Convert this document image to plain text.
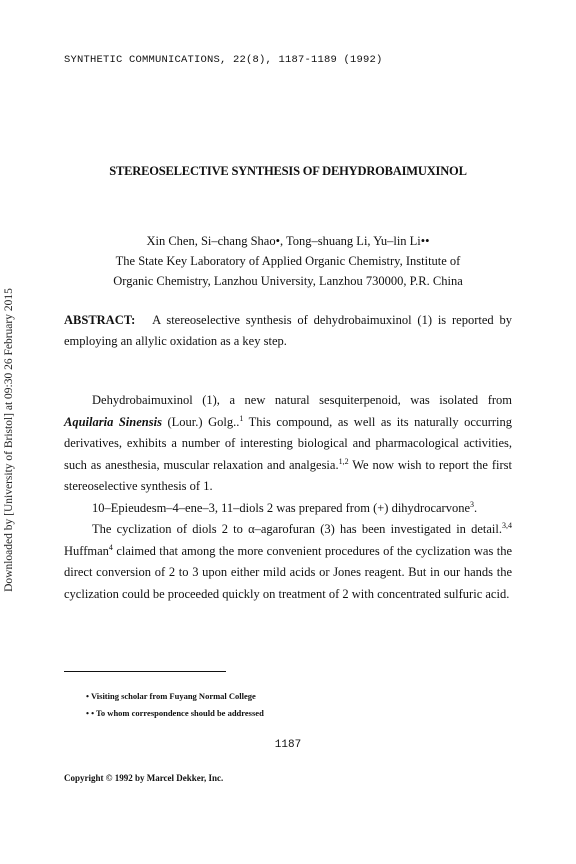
Downloaded by [University of Bristol] at 09:30 26 February 2015
SYNTHETIC COMMUNICATIONS, 22(8), 1187-1189 (1992)
STEREOSELECTIVE SYNTHESIS OF DEHYDROBAIMUXINOL
Xin Chen, Si–chang Shao•, Tong–shuang Li, Yu–lin Li••
The State Key Laboratory of Applied Organic Chemistry, Institute of
Organic Chemistry, Lanzhou University, Lanzhou 730000, P.R. China
ABSTRACT: A stereoselective synthesis of dehydrobaimuxinol (1) is reported by employing an allylic oxidation as a key step.

Dehydrobaimuxinol (1), a new natural sesquiterpenoid, was isolated from Aquilaria Sinensis (Lour.) Golg..$^1$ This compound, as well as its naturally occurring derivatives, exhibits a number of interesting biological and pharmacological activities, such as anesthesia, muscular relaxation and analgesia.$^{1,2}$ We now wish to report the first stereoselective synthesis of 1.

10–Epieudesm–4–ene–3, 11–diols 2 was prepared from (+) dihydrocarvone$^3$.

The cyclization of diols 2 to α–agarofuran (3) has been investigated in detail.$^{3,4}$ Huffman$^4$ claimed that among the more convenient procedures of the cyclization was the direct conversion of 2 to 3 upon either mild acids or Jones reagent. But in our hands the cyclization could be proceeded quickly on treatment of 2 with concentrated sulfuric acid.

• Visiting scholar from Fuyang Normal College
• • To whom correspondence should be addressed
1187
Copyright © 1992 by Marcel Dekker, Inc.
